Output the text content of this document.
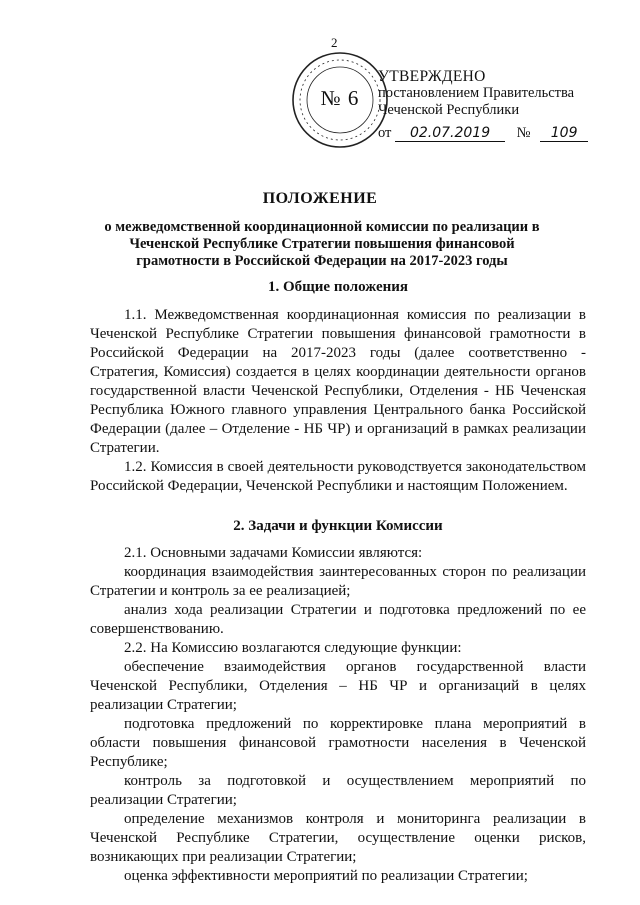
2
№ 6
УТВЕРЖДЕНО
постановлением Правительства
Чеченской Республики
от 02.07.2019 № 109
ПОЛОЖЕНИЕ
о межведомственной координационной комиссии по реализации в Чеченской Республике Стратегии повышения финансовой грамотности в Российской Федерации на 2017-2023 годы
1. Общие положения

1.1. Межведомственная координационная комиссия по реализации в Чеченской Республике Стратегии повышения финансовой грамотности в Российской Федерации на 2017-2023 годы (далее соответственно - Стратегия, Комиссия) создается в целях координации деятельности органов государственной власти Чеченской Республики, Отделения - НБ Чеченская Республика Южного главного управления Центрального банка Российской Федерации (далее – Отделение - НБ ЧР) и организаций в рамках реализации Стратегии.

1.2. Комиссия в своей деятельности руководствуется законодательством Российской Федерации, Чеченской Республики и настоящим Положением.

2. Задачи и функции Комиссии

2.1. Основными задачами Комиссии являются:

координация взаимодействия заинтересованных сторон по реализации Стратегии и контроль за ее реализацией;

анализ хода реализации Стратегии и подготовка предложений по ее совершенствованию.

2.2. На Комиссию возлагаются следующие функции:

обеспечение взаимодействия органов государственной власти Чеченской Республики, Отделения – НБ ЧР и организаций в целях реализации Стратегии;

подготовка предложений по корректировке плана мероприятий в области повышения финансовой грамотности населения в Чеченской Республике;

контроль за подготовкой и осуществлением мероприятий по реализации Стратегии;

определение механизмов контроля и мониторинга реализации в Чеченской Республике Стратегии, осуществление оценки рисков, возникающих при реализации Стратегии;

оценка эффективности мероприятий по реализации Стратегии;
